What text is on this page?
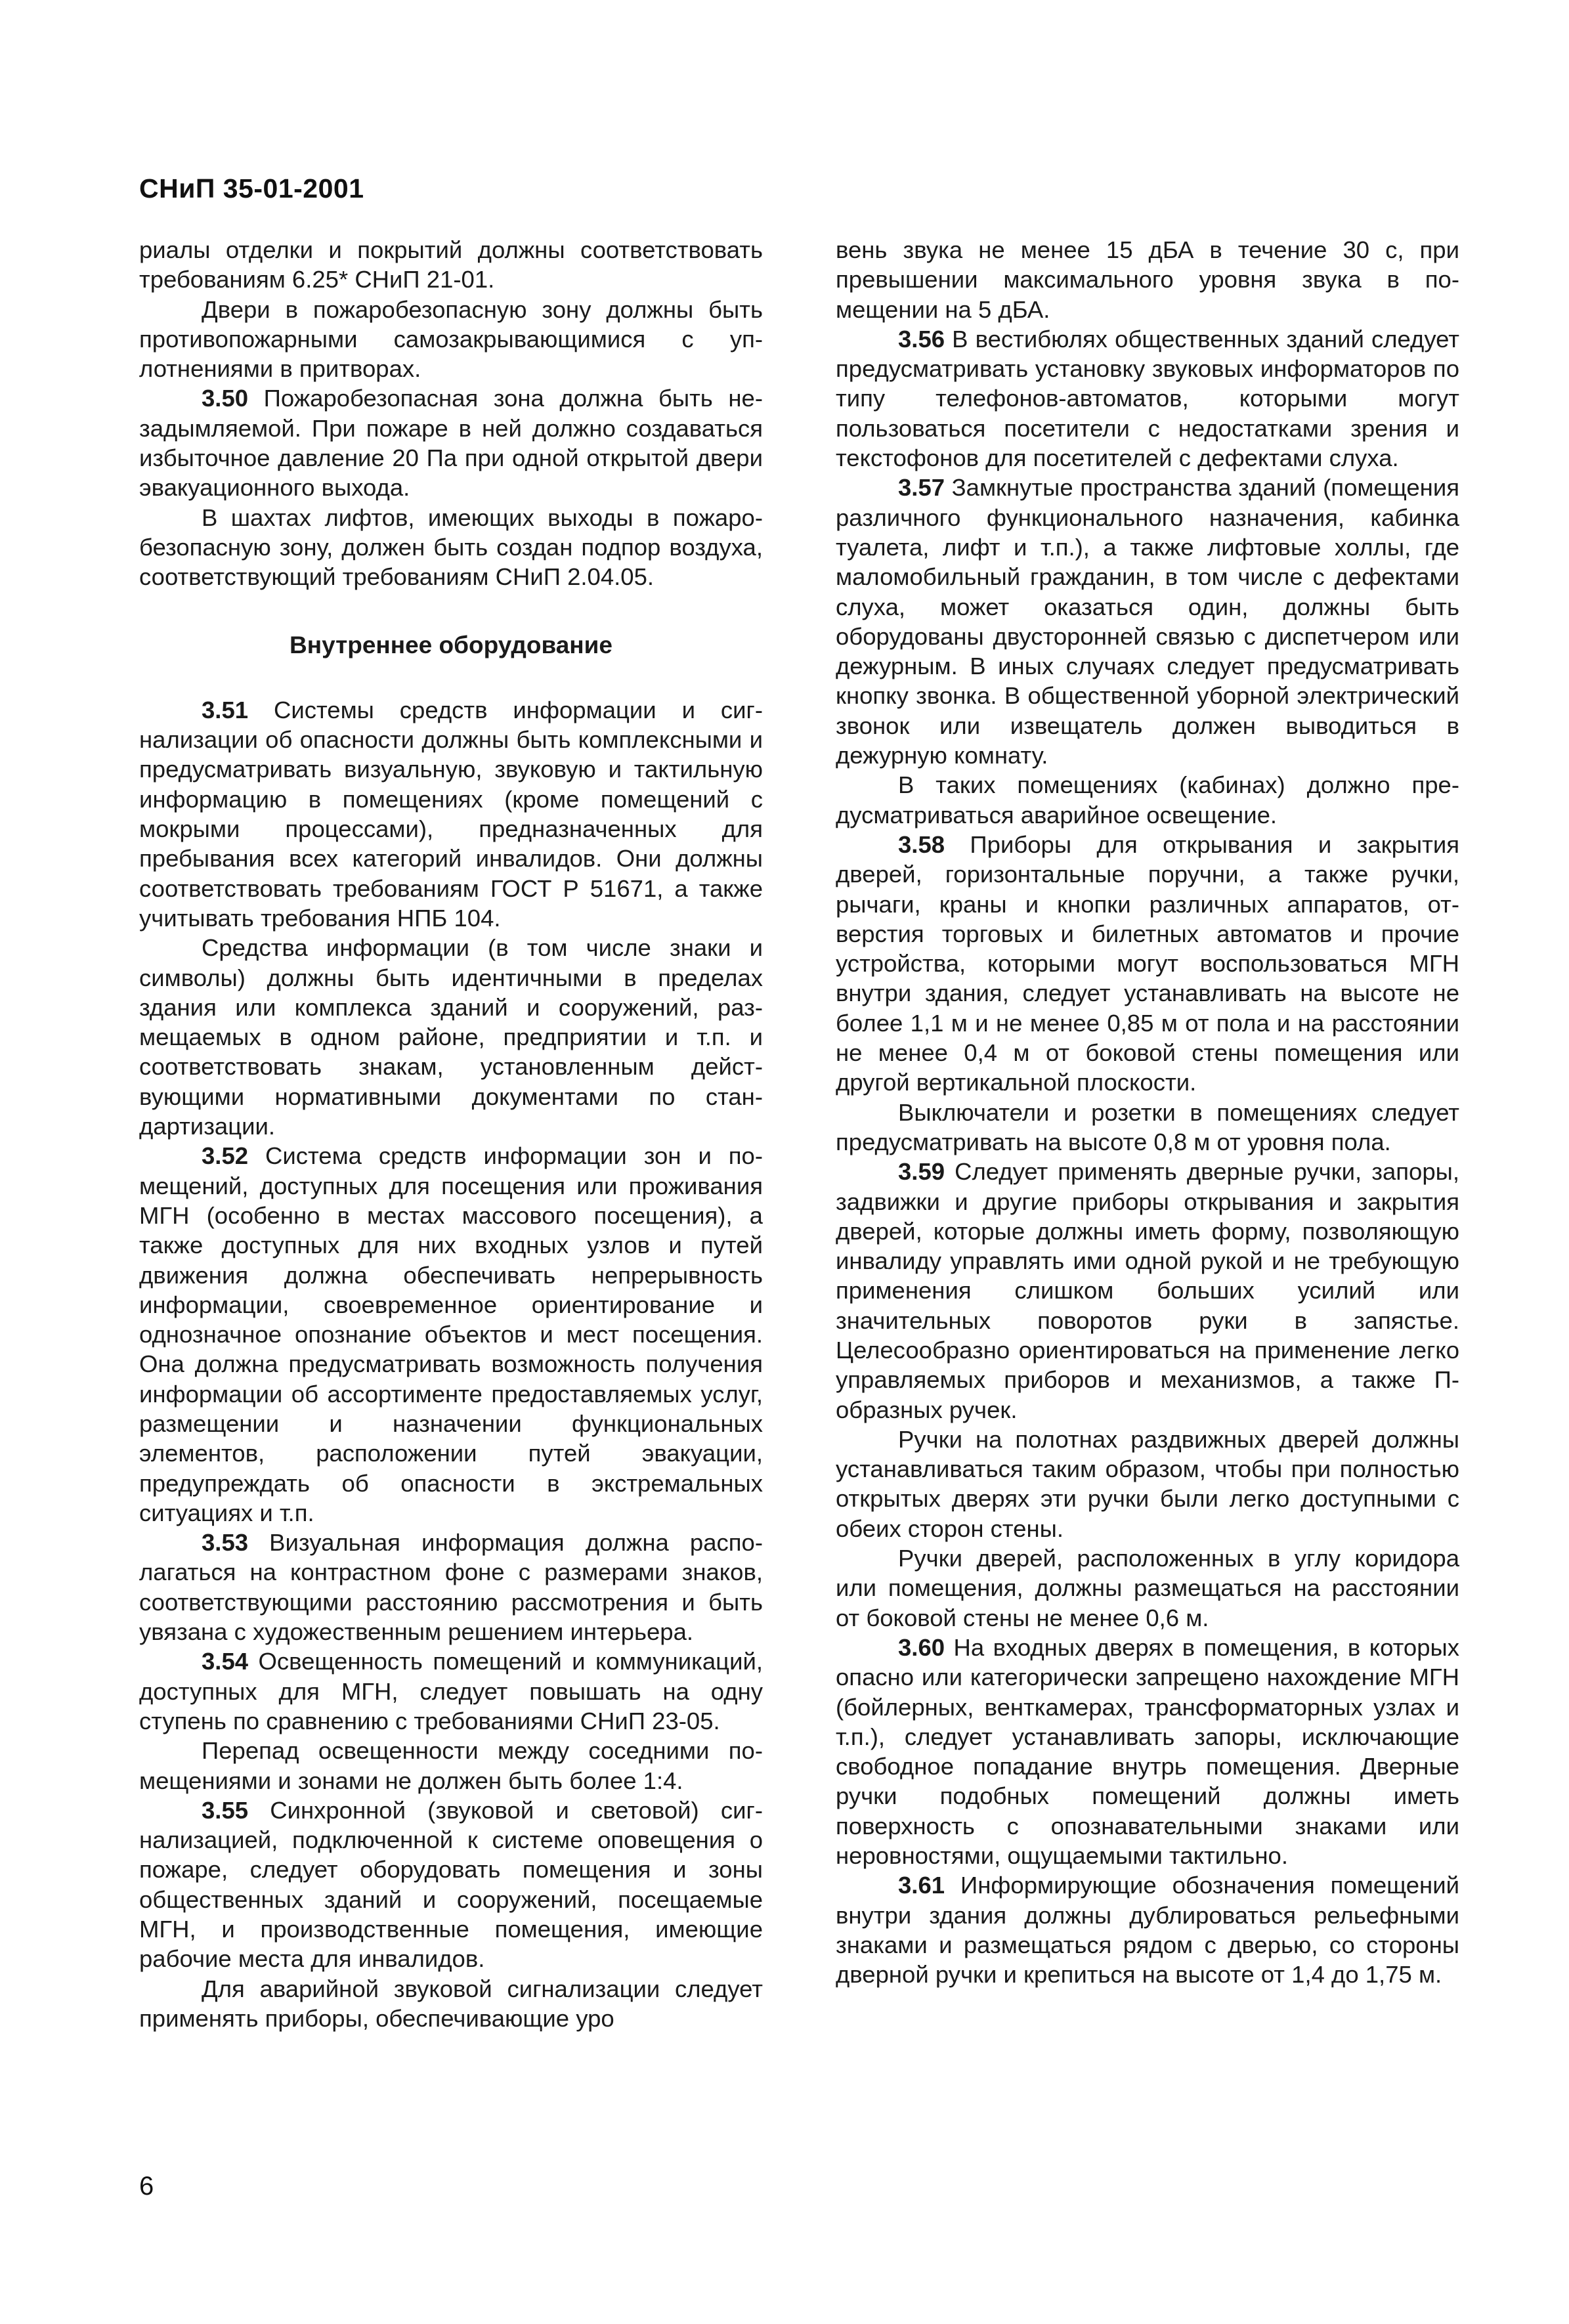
СНиП 35-01-2001

риалы отделки и покрытий должны соответствовать требованиям 6.25* СНиП 21-01.

Двери в пожаробезопасную зону должны быть противопожарными самозакрывающимися с уплотнениями в притворах.

3.50 Пожаробезопасная зона должна быть незадымляемой. При пожаре в ней должно создаваться избыточное давление 20 Па при одной открытой двери эвакуационного выхода.

В шахтах лифтов, имеющих выходы в пожаробезопасную зону, должен быть создан подпор воздуха, соответствующий требованиям СНиП 2.04.05.

Внутреннее оборудование

3.51 Системы средств информации и сигнализации об опасности должны быть комплексными и предусматривать визуальную, звуковую и тактильную информацию в помещениях (кроме помещений с мокрыми процессами), предназначенных для пребывания всех категорий инвалидов. Они должны соответствовать требованиям ГОСТ Р 51671, а также учитывать требования НПБ 104.

Средства информации (в том числе знаки и символы) должны быть идентичными в пределах здания или комплекса зданий и сооружений, размещаемых в одном районе, предприятии и т.п. и соответствовать знакам, установленным действующими нормативными документами по стандартизации.

3.52 Система средств информации зон и помещений, доступных для посещения или проживания МГН (особенно в местах массового посещения), а также доступных для них входных узлов и путей движения должна обеспечивать непрерывность информации, своевременное ориентирование и однозначное опознание объектов и мест посещения. Она должна предусматривать возможность получения информации об ассортименте предоставляемых услуг, размещении и назначении функциональных элементов, расположении путей эвакуации, предупреждать об опасности в экстремальных ситуациях и т.п.

3.53 Визуальная информация должна располагаться на контрастном фоне с размерами знаков, соответствующими расстоянию рассмотрения и быть увязана с художественным решением интерьера.

3.54 Освещенность помещений и коммуникаций, доступных для МГН, следует повышать на одну ступень по сравнению с требованиями СНиП 23-05.

Перепад освещенности между соседними помещениями и зонами не должен быть более 1:4.

3.55 Синхронной (звуковой и световой) сигнализацией, подключенной к системе оповещения о пожаре, следует оборудовать помещения и зоны общественных зданий и сооружений, посещаемые МГН, и производственные помещения, имеющие рабочие места для инвалидов.

Для аварийной звуковой сигнализации следует применять приборы, обеспечивающие уро

вень звука не менее 15 дБА в течение 30 с, при превышении максимального уровня звука в помещении на 5 дБА.

3.56 В вестибюлях общественных зданий следует предусматривать установку звуковых информаторов по типу телефонов-автоматов, которыми могут пользоваться посетители с недостатками зрения и текстофонов для посетителей с дефектами слуха.

3.57 Замкнутые пространства зданий (помещения различного функционального назначения, кабинка туалета, лифт и т.п.), а также лифтовые холлы, где маломобильный гражданин, в том числе с дефектами слуха, может оказаться один, должны быть оборудованы двусторонней связью с диспетчером или дежурным. В иных случаях следует предусматривать кнопку звонка. В общественной уборной электрический звонок или извещатель должен выводиться в дежурную комнату.

В таких помещениях (кабинах) должно предусматриваться аварийное освещение.

3.58 Приборы для открывания и закрытия дверей, горизонтальные поручни, а также ручки, рычаги, краны и кнопки различных аппаратов, отверстия торговых и билетных автоматов и прочие устройства, которыми могут воспользоваться МГН внутри здания, следует устанавливать на высоте не более 1,1 м и не менее 0,85 м от пола и на расстоянии не менее 0,4 м от боковой стены помещения или другой вертикальной плоскости.

Выключатели и розетки в помещениях следует предусматривать на высоте 0,8 м от уровня пола.

3.59 Следует применять дверные ручки, запоры, задвижки и другие приборы открывания и закрытия дверей, которые должны иметь форму, позволяющую инвалиду управлять ими одной рукой и не требующую применения слишком больших усилий или значительных поворотов руки в запястье. Целесообразно ориентироваться на применение легко управляемых приборов и механизмов, а также П-образных ручек.

Ручки на полотнах раздвижных дверей должны устанавливаться таким образом, чтобы при полностью открытых дверях эти ручки были легко доступными с обеих сторон стены.

Ручки дверей, расположенных в углу коридора или помещения, должны размещаться на расстоянии от боковой стены не менее 0,6 м.

3.60 На входных дверях в помещения, в которых опасно или категорически запрещено нахождение МГН (бойлерных, венткамерах, трансформаторных узлах и т.п.), следует устанавливать запоры, исключающие свободное попадание внутрь помещения. Дверные ручки подобных помещений должны иметь поверхность с опознавательными знаками или неровностями, ощущаемыми тактильно.

3.61 Информирующие обозначения помещений внутри здания должны дублироваться рельефными знаками и размещаться рядом с дверью, со стороны дверной ручки и крепиться на высоте от 1,4 до 1,75 м.

6
